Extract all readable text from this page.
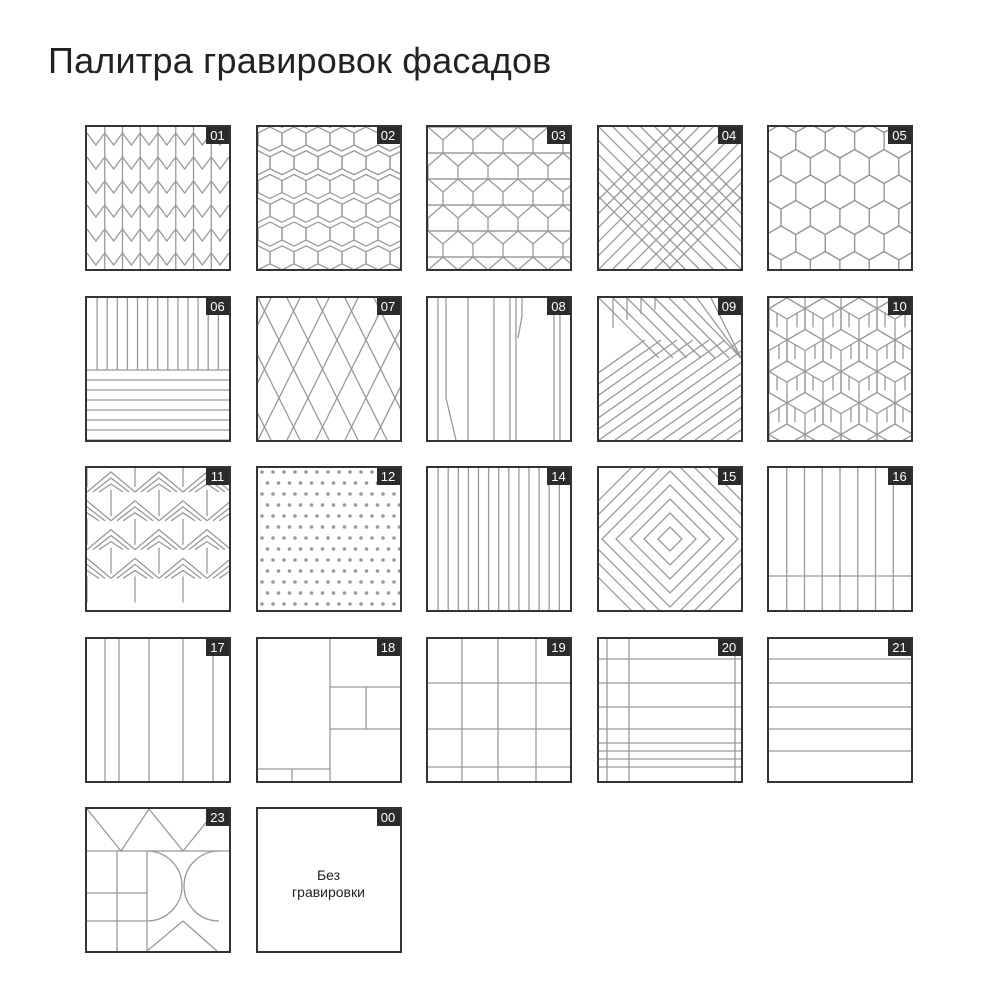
Палитра гравировок фасадов
01	02	03	04	05
06	07	08	09	10
11	12	14	15	16
17	18	19	20	21
23	00
Без
гравировки
